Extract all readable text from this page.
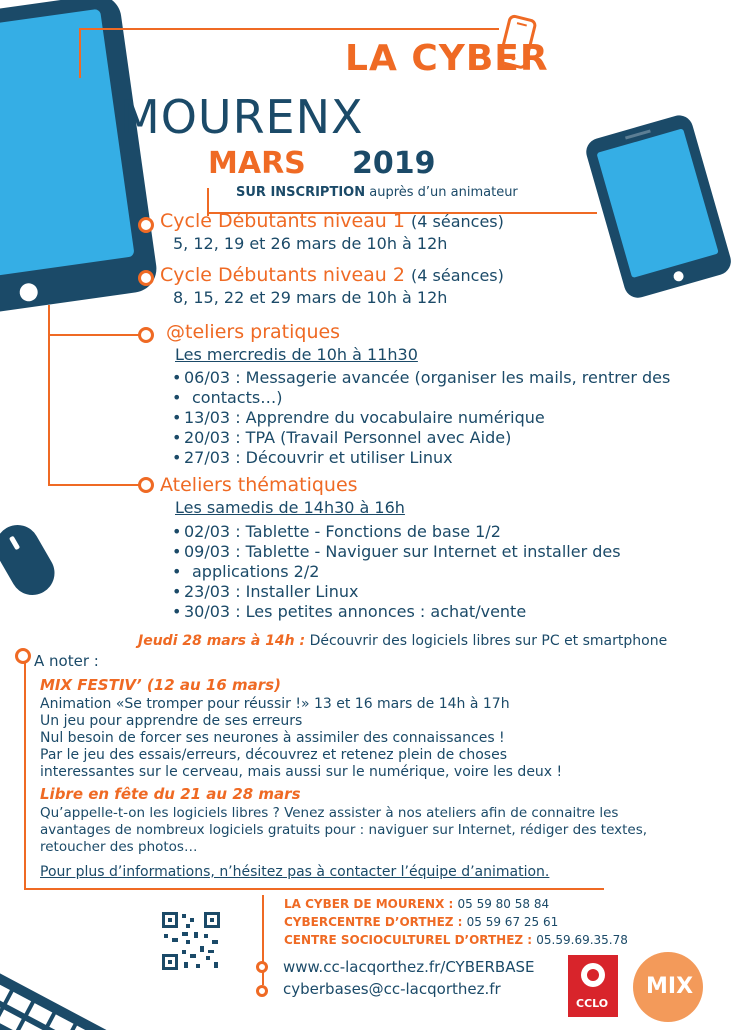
LA CYBER
MOURENX
MARS 2019
SUR INSCRIPTION auprès d’un animateur
Cycle Débutants niveau 1 (4 séances)
5, 12, 19 et 26 mars de 10h à 12h
Cycle Débutants niveau 2 (4 séances)
8, 15, 22 et 29 mars de 10h à 12h
@teliers pratiques
Les mercredis de 10h à 11h30
• 06/03 : Messagerie avancée (organiser les mails, rentrer des
• contacts…)
• 13/03 : Apprendre du vocabulaire numérique
• 20/03 : TPA (Travail Personnel avec Aide)
• 27/03 : Découvrir et utiliser Linux
Ateliers thématiques
Les samedis de 14h30 à 16h
• 02/03 : Tablette - Fonctions de base 1/2
• 09/03 : Tablette - Naviguer sur Internet et installer des
• applications 2/2
• 23/03 : Installer Linux
• 30/03 : Les petites annonces : achat/vente
Jeudi 28 mars à 14h : Découvrir des logiciels libres sur PC et smartphone
A noter :
MIX FESTIV’ (12 au 16 mars)
Animation «Se tromper pour réussir !» 13 et 16 mars de 14h à 17h
Un jeu pour apprendre de ses erreurs
Nul besoin de forcer ses neurones à assimiler des connaissances !
Par le jeu des essais/erreurs, découvrez et retenez plein de choses
interessantes sur le cerveau, mais aussi sur le numérique, voire les deux !
Libre en fête du 21 au 28 mars
Qu’appelle-t-on les logiciels libres ? Venez assister à nos ateliers afin de connaitre les
avantages de nombreux logiciels gratuits pour : naviguer sur Internet, rédiger des textes,
retoucher des photos…
Pour plus d’informations, n’hésitez pas à contacter l’équipe d’animation.
LA CYBER DE MOURENX : 05 59 80 58 84
CYBERCENTRE D’ORTHEZ : 05 59 67 25 61
CENTRE SOCIOCULTUREL D’ORTHEZ : 05.59.69.35.78
www.cc-lacqorthez.fr/CYBERBASE
cyberbases@cc-lacqorthez.fr
CCLO
MIX
